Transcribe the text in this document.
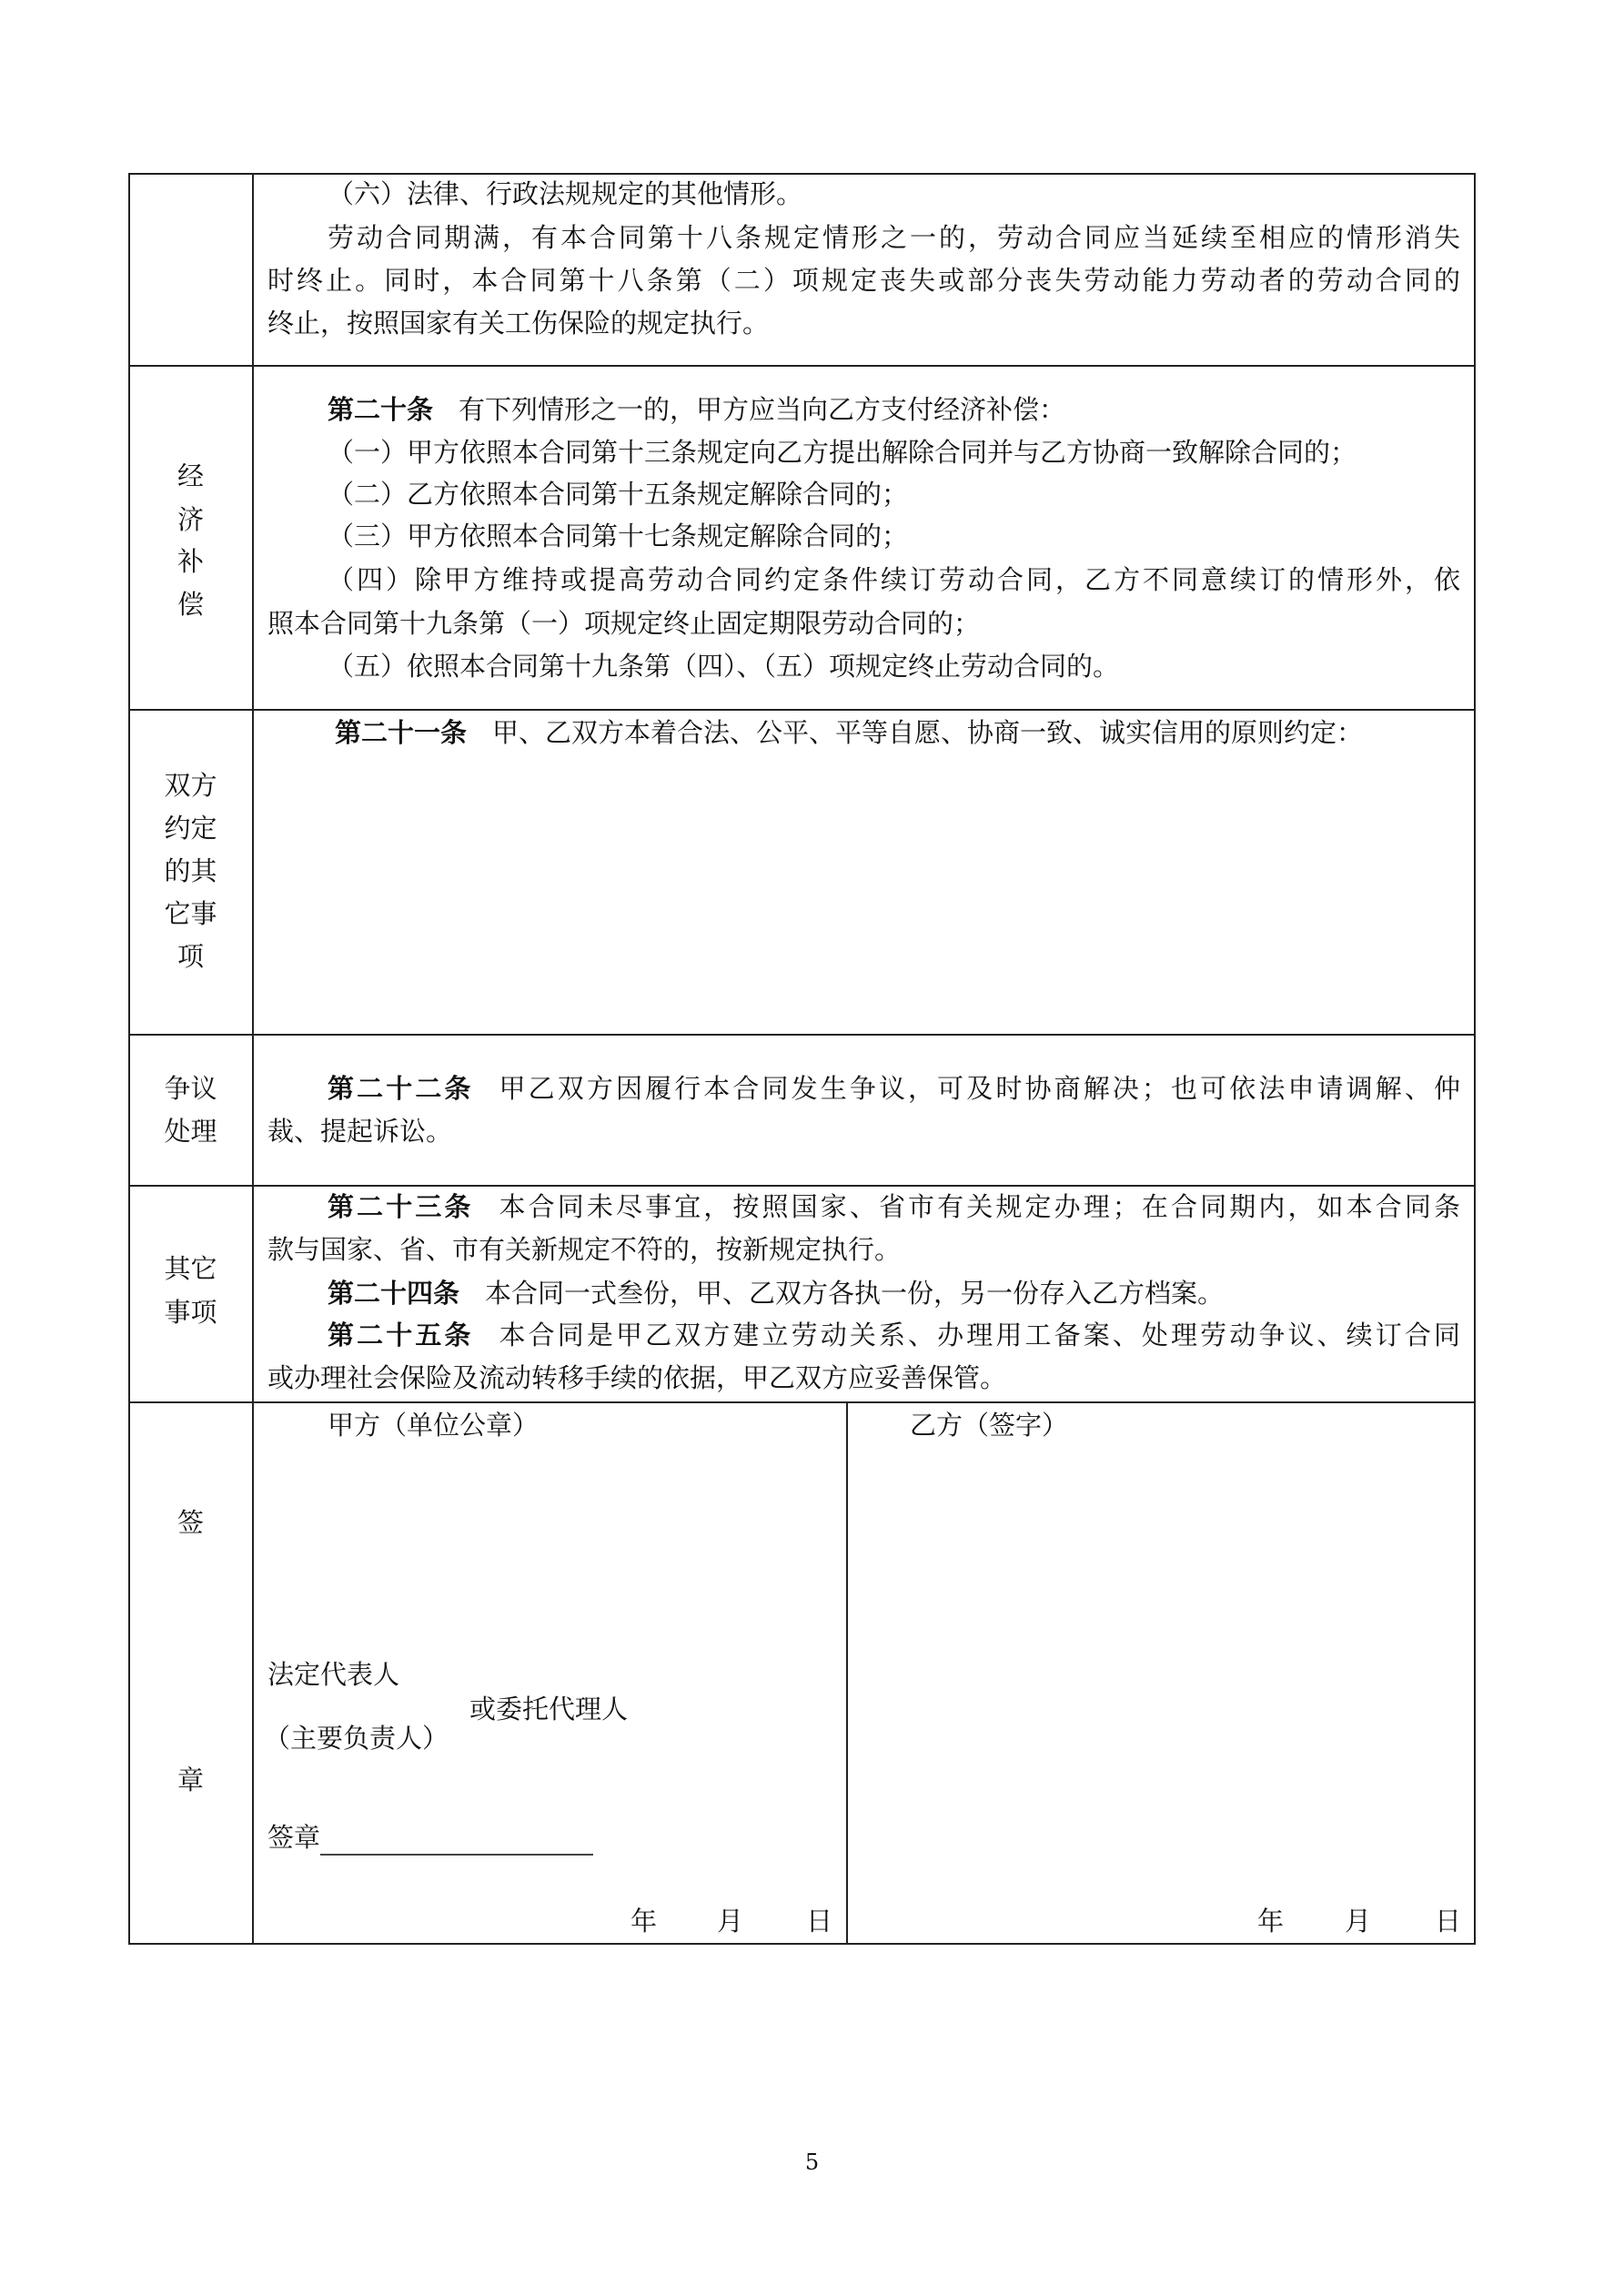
（六）法律、行政法规规定的其他情形。
劳动合同期满，有本合同第十八条规定情形之一的，劳动合同应当延续至相应的情形消失
时终止。同时，本合同第十八条第（二）项规定丧失或部分丧失劳动能力劳动者的劳动合同的
终止，按照国家有关工伤保险的规定执行。
经
济
补
偿
第二十条 有下列情形之一的，甲方应当向乙方支付经济补偿：
（一）甲方依照本合同第十三条规定向乙方提出解除合同并与乙方协商一致解除合同的；
（二）乙方依照本合同第十五条规定解除合同的；
（三）甲方依照本合同第十七条规定解除合同的；
（四）除甲方维持或提高劳动合同约定条件续订劳动合同，乙方不同意续订的情形外，依
照本合同第十九条第（一）项规定终止固定期限劳动合同的；
（五）依照本合同第十九条第（四）、（五）项规定终止劳动合同的。
双方
约定
的其
它事
项
第二十一条 甲、乙双方本着合法、公平、平等自愿、协商一致、诚实信用的原则约定：
争议
处理
第二十二条 甲乙双方因履行本合同发生争议，可及时协商解决；也可依法申请调解、仲
裁、提起诉讼。
其它
事项
第二十三条 本合同未尽事宜，按照国家、省市有关规定办理；在合同期内，如本合同条
款与国家、省、市有关新规定不符的，按新规定执行。
第二十四条 本合同一式叁份，甲、乙双方各执一份，另一份存入乙方档案。
第二十五条 本合同是甲乙双方建立劳动关系、办理用工备案、处理劳动争议、续订合同
或办理社会保险及流动转移手续的依据，甲乙双方应妥善保管。
签
章
甲方（单位公章）	乙方（签字）
法定代表人
或委托代理人
（主要负责人）
签章
年 月 日	年 月 日
5
